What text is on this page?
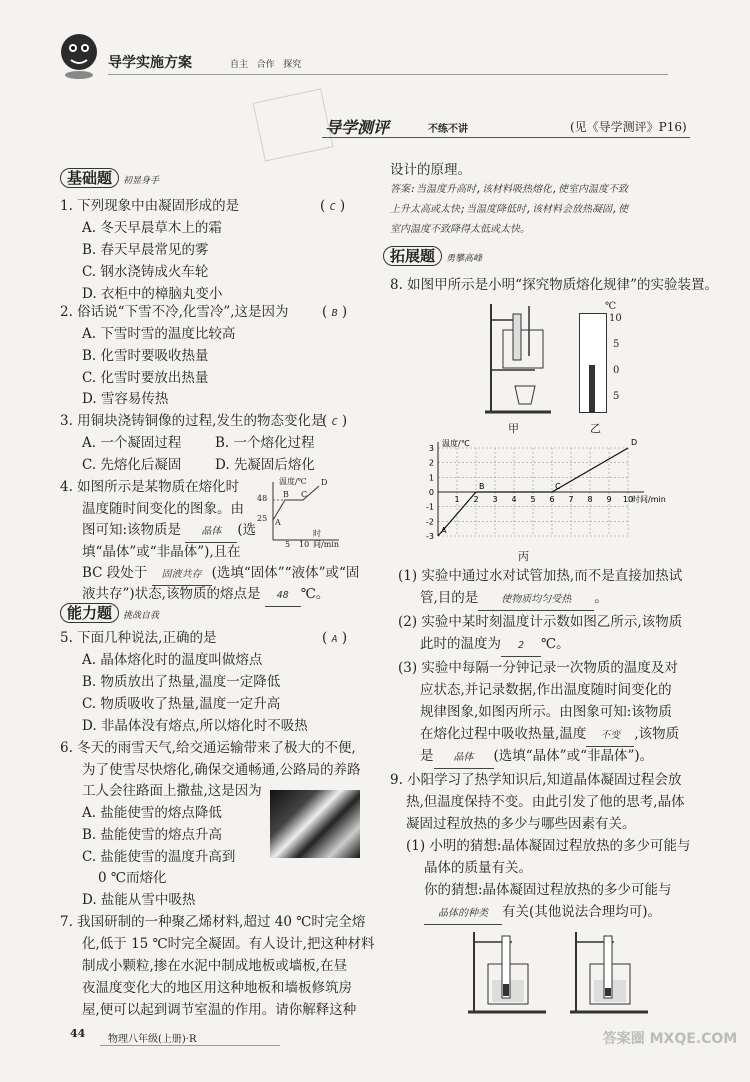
导学实施方案	自主 合作 探究
导学测评	不练不讲	(见《导学测评》P16)
基础题 初显身手
1. 下列现象中由凝固形成的是	( C )
A. 冬天早晨草木上的霜
B. 春天早晨常见的雾
C. 钢水浇铸成火车轮
D. 衣柜中的樟脑丸变小
2. 俗话说“下雪不冷,化雪冷”,这是因为 ( B )
A. 下雪时雪的温度比较高
B. 化雪时要吸收热量
C. 化雪时要放出热量
D. 雪容易传热
3. 用铜块浇铸铜像的过程,发生的物态变化是
( C )
A. 一个凝固过程 B. 一个熔化过程
C. 先熔化后凝固 D. 先凝固后熔化
4. 如图所示是某物质在熔化时
温度随时间变化的图象。由
图可知:该物质是 晶体 (选
填“晶体”或“非晶体”),且在
BC 段处于 固液共存 (选填“固体”“液体”或“固
液共存”)状态,该物质的熔点是 48 ℃。
温度/℃
48
25 A
B C
D
5 10
时间/min
能力题 挑战自我
5. 下面几种说法,正确的是	( A )
A. 晶体熔化时的温度叫做熔点
B. 物质放出了热量,温度一定降低
C. 物质吸收了热量,温度一定升高
D. 非晶体没有熔点,所以熔化时不吸热
6. 冬天的雨雪天气,给交通运输带来了极大的不便,
为了使雪尽快熔化,确保交通畅通,公路局的养路
工人会往路面上撒盐,这是因为
A. 盐能使雪的熔点降低
B. 盐能使雪的熔点升高
C. 盐能使雪的温度升高到
0 ℃而熔化
D. 盐能从雪中吸热
7. 我国研制的一种聚乙烯材料,超过 40 ℃时完全熔
化,低于 15 ℃时完全凝固。有人设计,把这种材料
制成小颗粒,掺在水泥中制成地板或墙板,在昼
夜温度变化大的地区用这种地板和墙板修筑房
屋,便可以起到调节室温的作用。请你解释这种
44 物理八年级(上册)·R
设计的原理。
答案:当温度升高时,该材料吸热熔化,使室内温度不致
上升太高或太快;当温度降低时,该材料会放热凝固,使
室内温度不致降得太低或太快。
拓展题 勇攀高峰
8. 如图甲所示是小明“探究物质熔化规律”的实验装置。
甲
℃
10
5
0
5
乙
-3
-2
-1
0
1
2
3
1 2 3 4 5 6 7 8 9 10
温度/℃
时间/min
A
B	C
D
丙
(1) 实验中通过水对试管加热,而不是直接加热试
管,目的是 使物质均匀受热 。
(2) 实验中某时刻温度计示数如图乙所示,该物质
此时的温度为 2 ℃。
(3) 实验中每隔一分钟记录一次物质的温度及对
应状态,并记录数据,作出温度随时间变化的
规律图象,如图丙所示。由图象可知:该物质
在熔化过程中吸收热量,温度 不变 ,该物质
是 晶体 (选填“晶体”或“非晶体”)。
9. 小阳学习了热学知识后,知道晶体凝固过程会放
热,但温度保持不变。由此引发了他的思考,晶体
凝固过程放热的多少与哪些因素有关。
(1) 小明的猜想:晶体凝固过程放热的多少可能与
晶体的质量有关。
你的猜想:晶体凝固过程放热的多少可能与
晶体的种类 有关(其他说法合理均可)。
答案圈 MXQE.COM
